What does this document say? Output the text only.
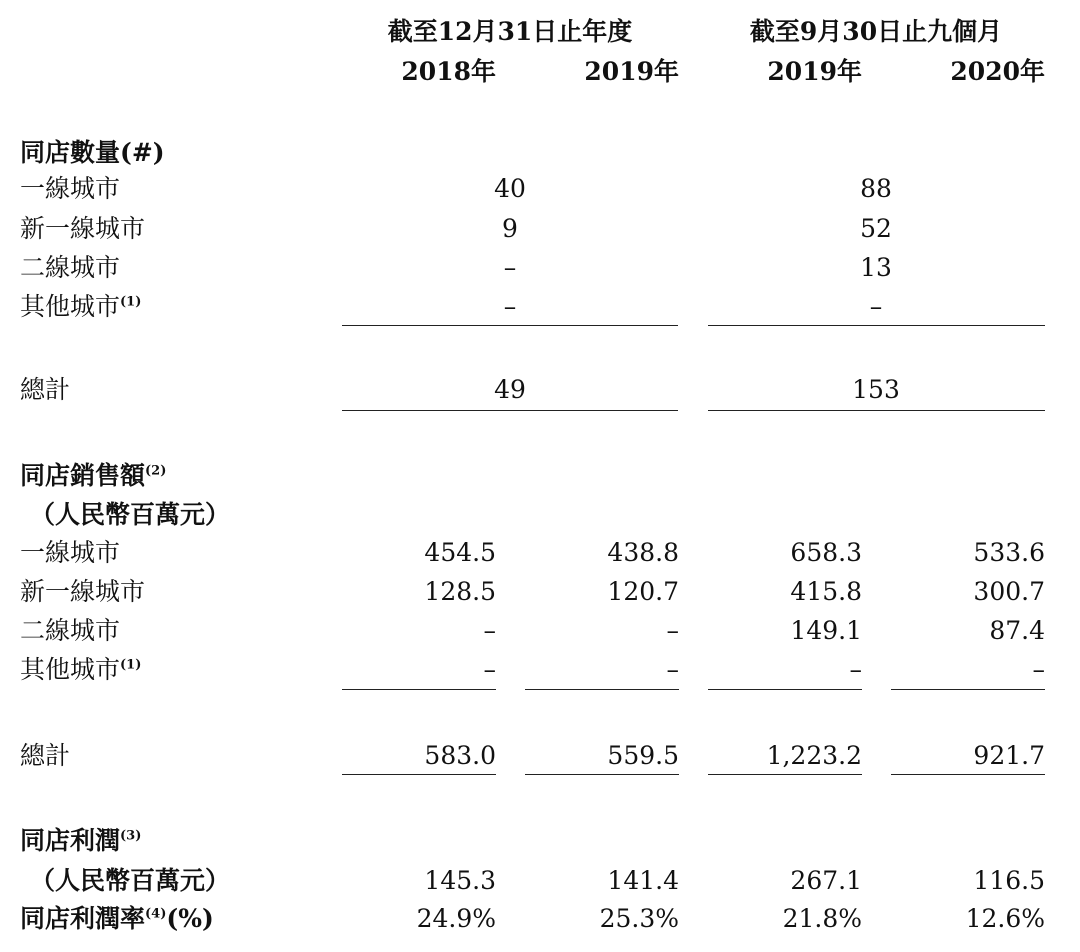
截至12月31日止年度	截至9月30日止九個月
2018年	2019年	2019年	2020年
同店數量(#)
一線城市	40	88
新一線城市	9	52
二線城市	–	13
其他城市$^{(1)}$	–	–
總計	49	153
同店銷售額$^{(2)}$
（人民幣百萬元）
一線城市	454.5	438.8	658.3	533.6
新一線城市	128.5	120.7	415.8	300.7
二線城市	–	–	149.1	87.4
其他城市$^{(1)}$	–	–	–	–
總計	583.0	559.5	1,223.2	921.7
同店利潤$^{(3)}$
（人民幣百萬元）	145.3	141.4	267.1	116.5
同店利潤率$^{(4)}$(%)	24.9%	25.3%	21.8%	12.6%
